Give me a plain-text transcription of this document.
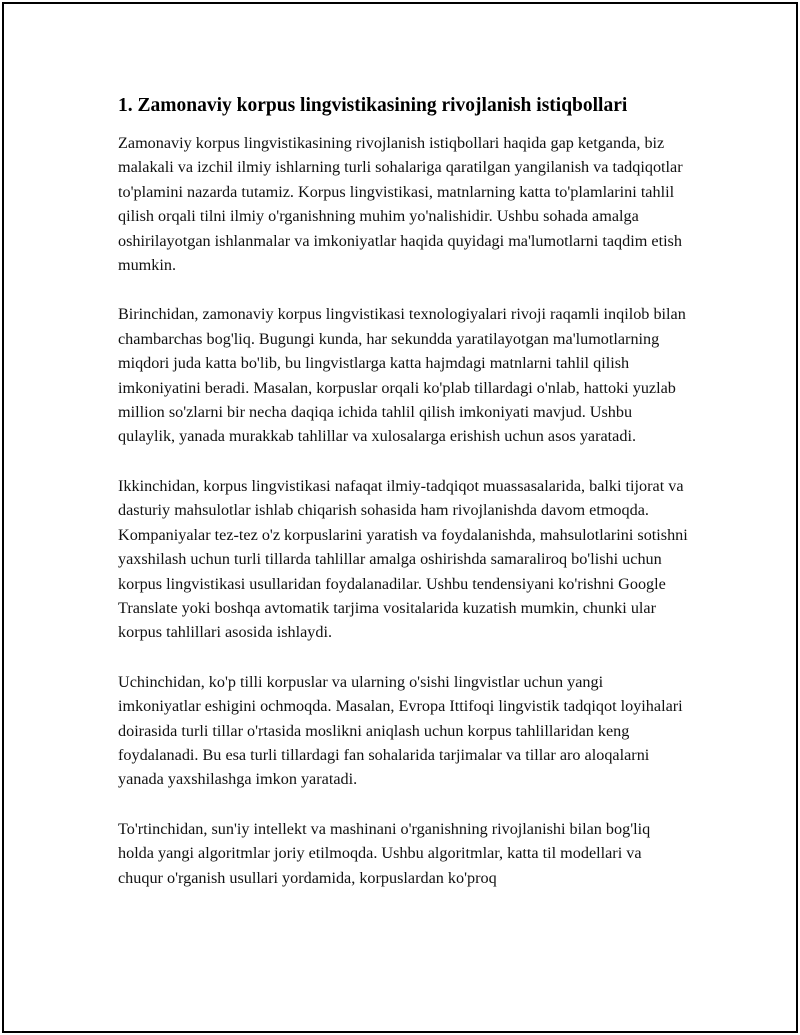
1. Zamonaviy korpus lingvistikasining rivojlanish istiqbollari

Zamonaviy korpus lingvistikasining rivojlanish istiqbollari haqida gap ketganda, biz malakali va izchil ilmiy ishlarning turli sohalariga qaratilgan yangilanish va tadqiqotlar to'plamini nazarda tutamiz. Korpus lingvistikasi, matnlarning katta to'plamlarini tahlil qilish orqali tilni ilmiy o'rganishning muhim yo'nalishidir. Ushbu sohada amalga oshirilayotgan ishlanmalar va imkoniyatlar haqida quyidagi ma'lumotlarni taqdim etish mumkin.

Birinchidan, zamonaviy korpus lingvistikasi texnologiyalari rivoji raqamli inqilob bilan chambarchas bog'liq. Bugungi kunda, har sekundda yaratilayotgan ma'lumotlarning miqdori juda katta bo'lib, bu lingvistlarga katta hajmdagi matnlarni tahlil qilish imkoniyatini beradi. Masalan, korpuslar orqali ko'plab tillardagi o'nlab, hattoki yuzlab million so'zlarni bir necha daqiqa ichida tahlil qilish imkoniyati mavjud. Ushbu qulaylik, yanada murakkab tahlillar va xulosalarga erishish uchun asos yaratadi.

Ikkinchidan, korpus lingvistikasi nafaqat ilmiy-tadqiqot muassasalarida, balki tijorat va dasturiy mahsulotlar ishlab chiqarish sohasida ham rivojlanishda davom etmoqda. Kompaniyalar tez-tez o'z korpuslarini yaratish va foydalanishda, mahsulotlarini sotishni yaxshilash uchun turli tillarda tahlillar amalga oshirishda samaraliroq bo'lishi uchun korpus lingvistikasi usullaridan foydalanadilar. Ushbu tendensiyani ko'rishni Google Translate yoki boshqa avtomatik tarjima vositalarida kuzatish mumkin, chunki ular korpus tahlillari asosida ishlaydi.

Uchinchidan, ko'p tilli korpuslar va ularning o'sishi lingvistlar uchun yangi imkoniyatlar eshigini ochmoqda. Masalan, Evropa Ittifoqi lingvistik tadqiqot loyihalari doirasida turli tillar o'rtasida moslikni aniqlash uchun korpus tahlillaridan keng foydalanadi. Bu esa turli tillardagi fan sohalarida tarjimalar va tillar aro aloqalarni yanada yaxshilashga imkon yaratadi.

To'rtinchidan, sun'iy intellekt va mashinani o'rganishning rivojlanishi bilan bog'liq holda yangi algoritmlar joriy etilmoqda. Ushbu algoritmlar, katta til modellari va chuqur o'rganish usullari yordamida, korpuslardan ko'proq
